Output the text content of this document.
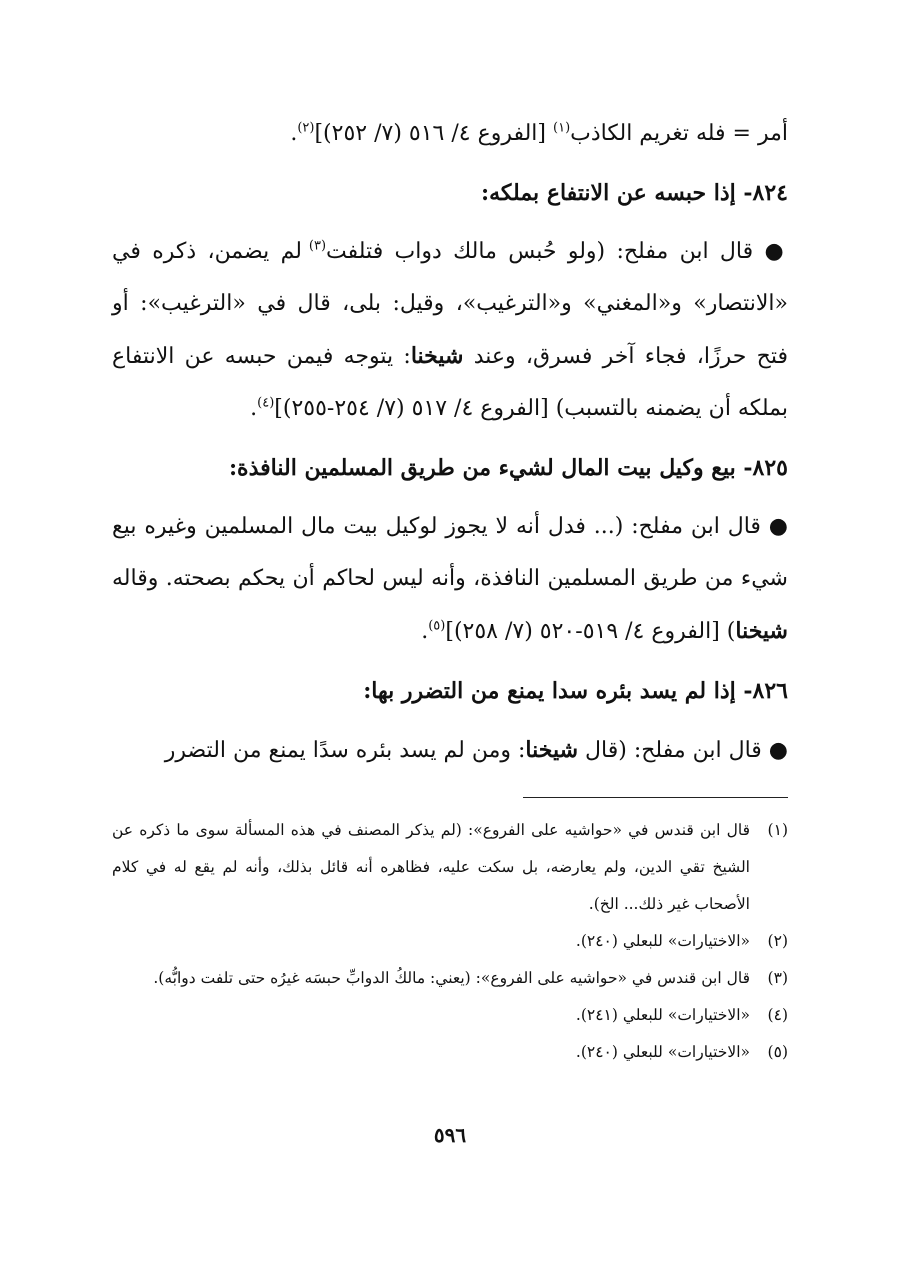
أمر = فله تغريم الكاذب$^{(١)}$ [الفروع ٤/ ٥١٦ (٧/ ٢٥٢)]$^{(٢)}$.
٨٢٤- إذا حبسه عن الانتفاع بملكه:
● قال ابن مفلح: (ولو حُبس مالك دواب فتلفت$^{(٣)}$ لم يضمن، ذكره في «الانتصار» و«المغني» و«الترغيب»، وقيل: بلى، قال في «الترغيب»: أو فتح حرزًا، فجاء آخر فسرق، وعند شيخنا: يتوجه فيمن حبسه عن الانتفاع بملكه أن يضمنه بالتسبب) [الفروع ٤/ ٥١٧ (٧/ ٢٥٤-٢٥٥)]$^{(٤)}$.
٨٢٥- بيع وكيل بيت المال لشيء من طريق المسلمين النافذة:
● قال ابن مفلح: (... فدل أنه لا يجوز لوكيل بيت مال المسلمين وغيره بيع شيء من طريق المسلمين النافذة، وأنه ليس لحاكم أن يحكم بصحته. وقاله شيخنا) [الفروع ٤/ ٥١٩-٥٢٠ (٧/ ٢٥٨)]$^{(٥)}$.
٨٢٦- إذا لم يسد بئره سدا يمنع من التضرر بها:
● قال ابن مفلح: (قال شيخنا: ومن لم يسد بئره سدًا يمنع من التضرر
(١)
قال ابن قندس في «حواشيه على الفروع»: (لم يذكر المصنف في هذه المسألة سوى ما ذكره عن الشيخ تقي الدين، ولم يعارضه، بل سكت عليه، فظاهره أنه قائل بذلك، وأنه لم يقع له في كلام الأصحاب غير ذلك... الخ).
(٢)
«الاختيارات» للبعلي (٢٤٠).
(٣)
قال ابن قندس في «حواشيه على الفروع»: (يعني: مالكُ الدوابِّ حبسَه غيرُه حتى تلفت دوابُّه).
(٤)
«الاختيارات» للبعلي (٢٤١).
(٥)
«الاختيارات» للبعلي (٢٤٠).
٥٩٦
